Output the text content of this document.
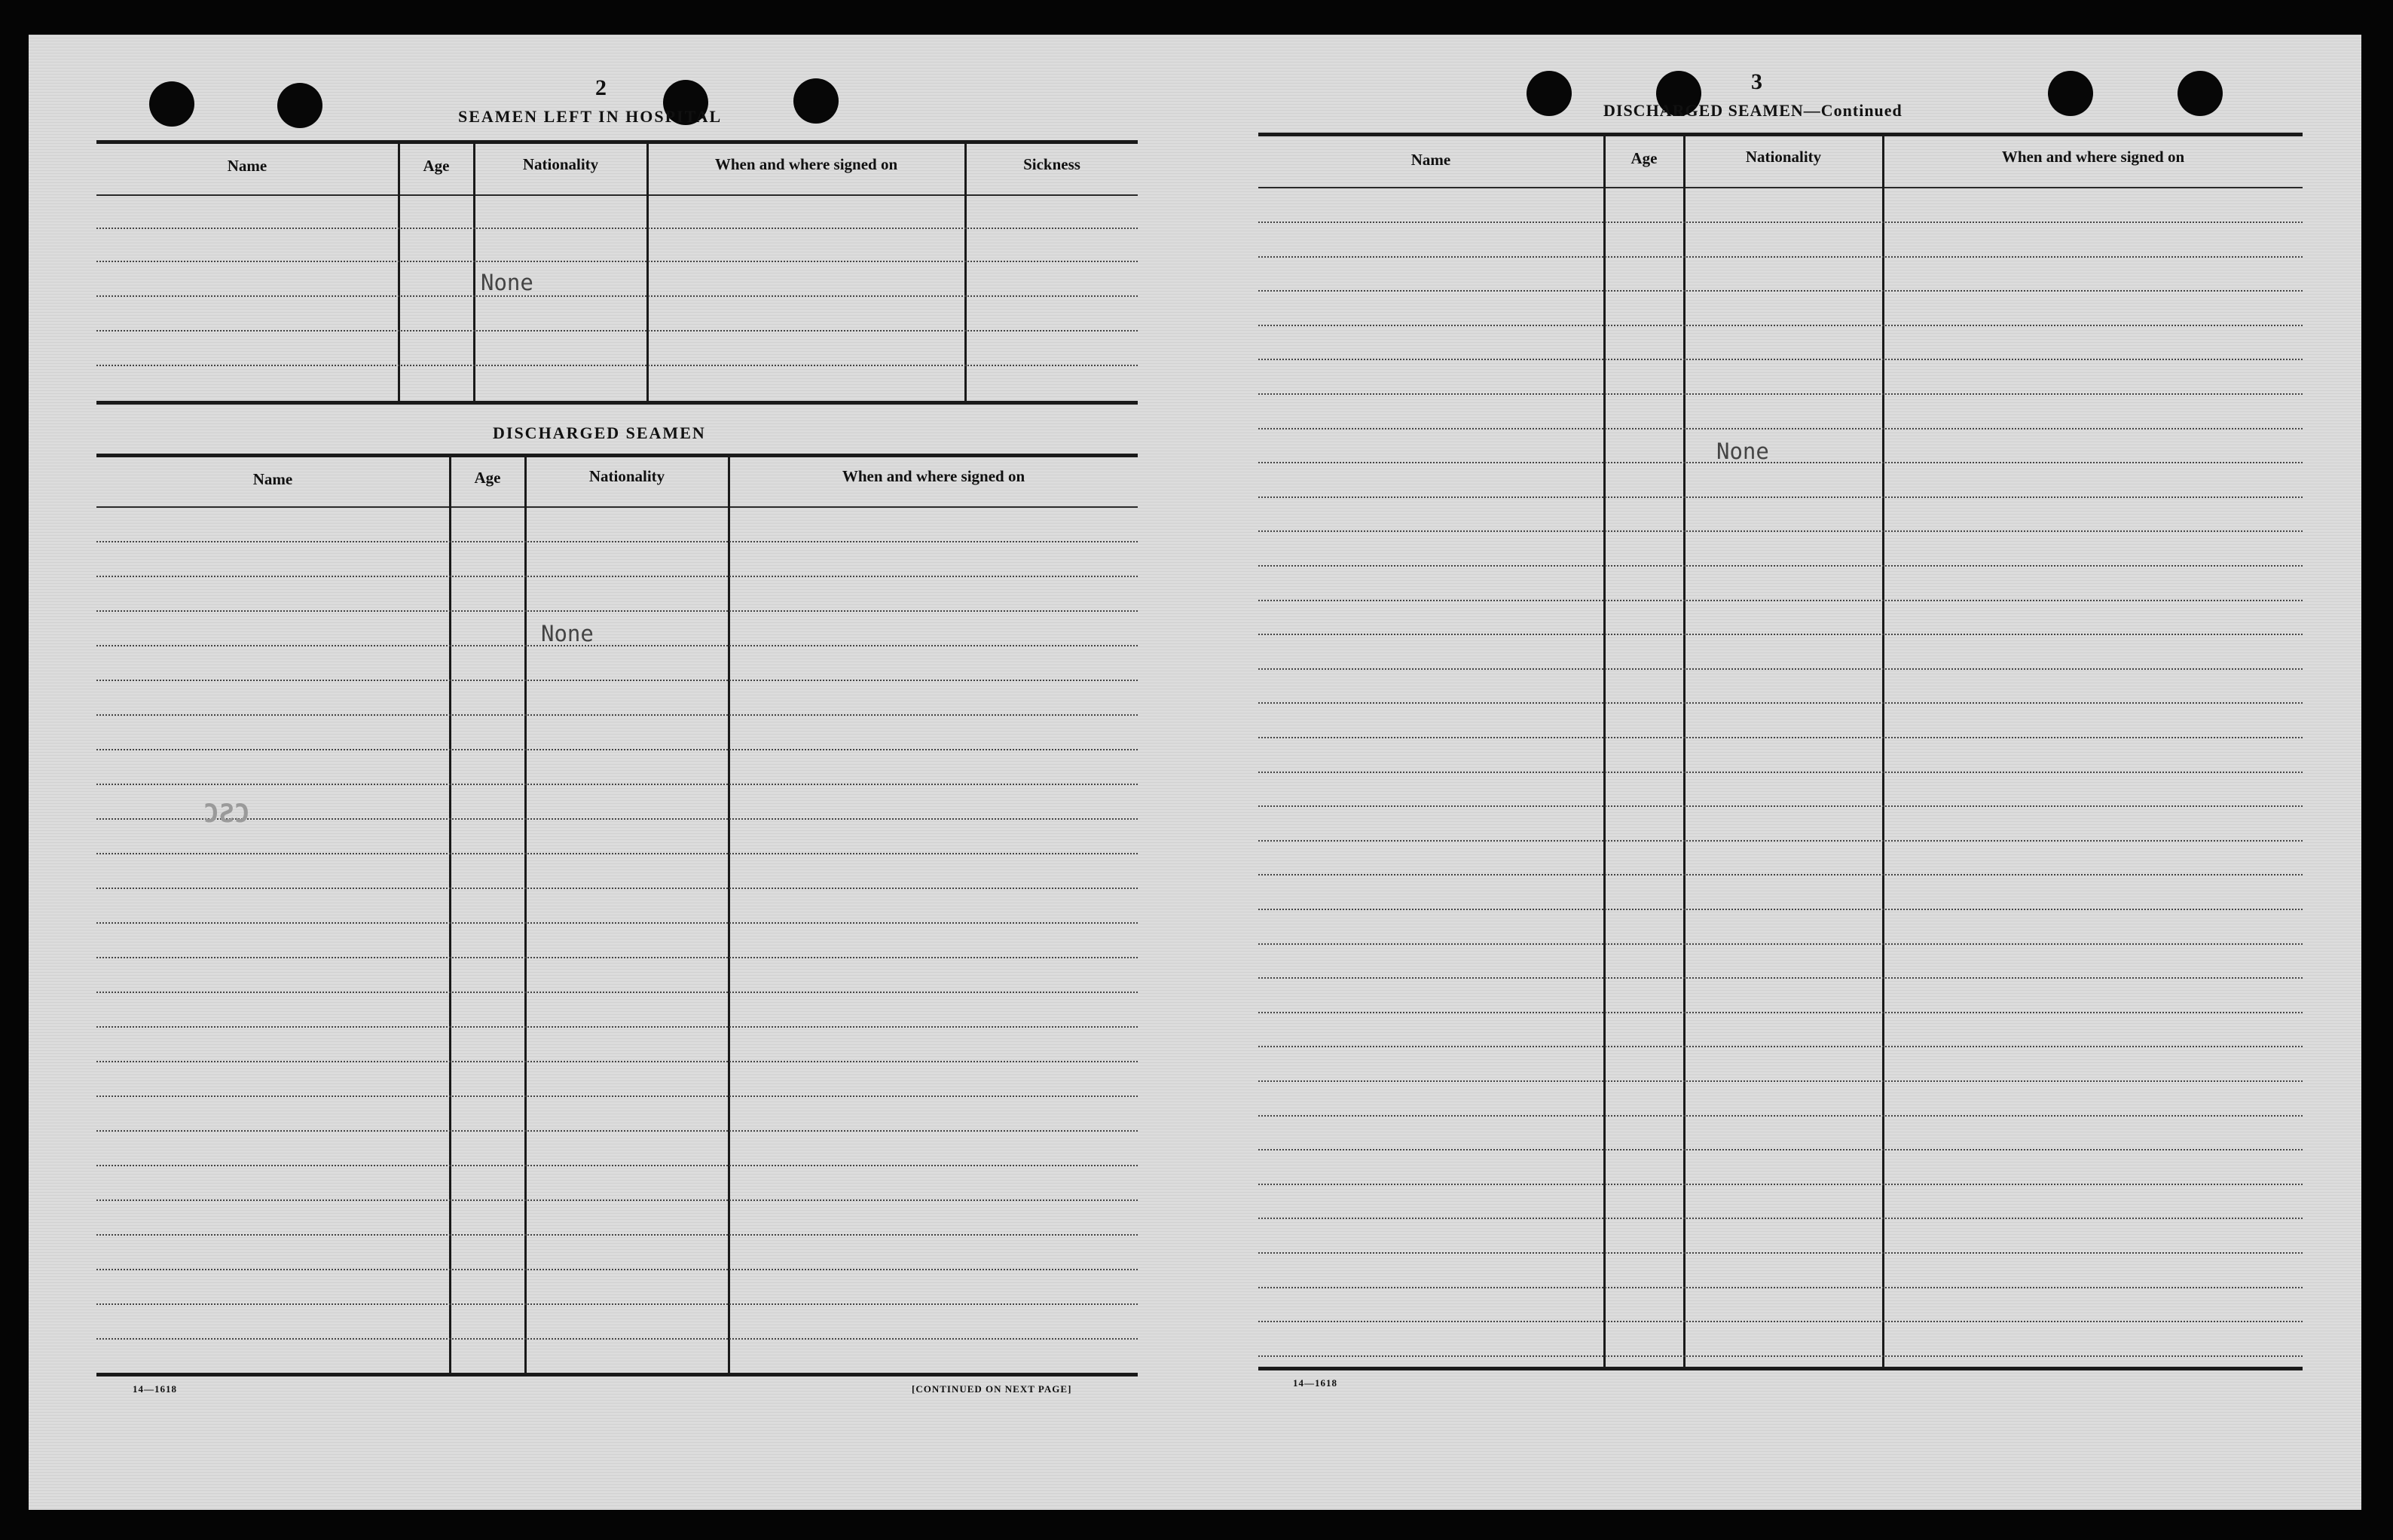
2
SEAMEN LEFT IN HOSPITAL
Name	Age	Nationality	When and where signed on	Sickness
None
DISCHARGED SEAMEN
Name	Age	Nationality	When and where signed on
None
CSC
14—1618	[CONTINUED ON NEXT PAGE]
3
DISCHARGED SEAMEN—Continued
Name	Age	Nationality	When and where signed on
None
14—1618
